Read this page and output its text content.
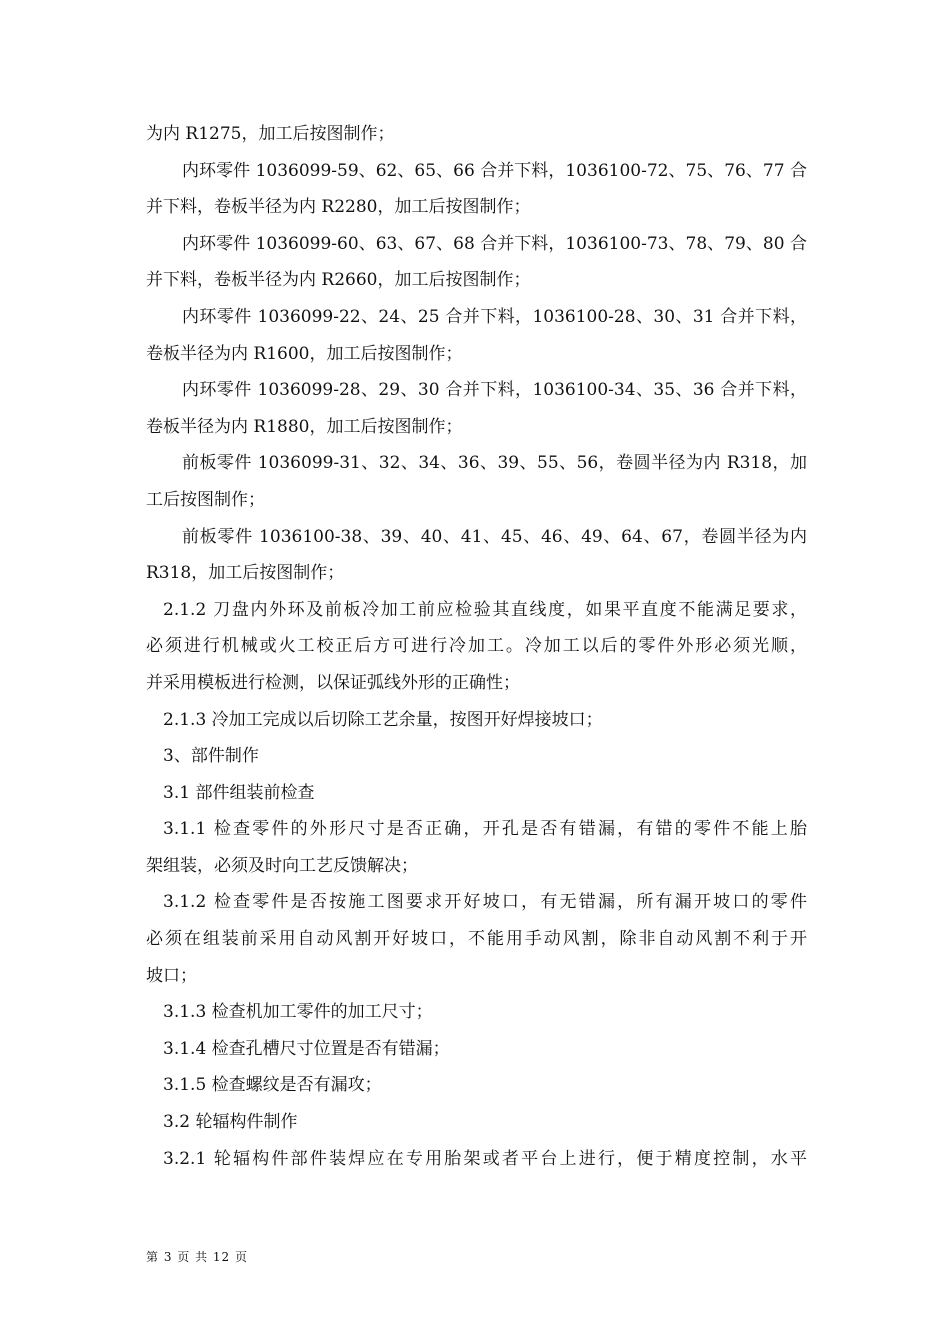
为内 R1275，加工后按图制作；
内环零件 1036099-59、62、65、66 合并下料，1036100-72、75、76、77 合
并下料，卷板半径为内 R2280，加工后按图制作；
内环零件 1036099-60、63、67、68 合并下料，1036100-73、78、79、80 合
并下料，卷板半径为内 R2660，加工后按图制作；
内环零件 1036099-22、24、25 合并下料，1036100-28、30、31 合并下料，
卷板半径为内 R1600，加工后按图制作；
内环零件 1036099-28、29、30 合并下料，1036100-34、35、36 合并下料，
卷板半径为内 R1880，加工后按图制作；
前板零件 1036099-31、32、34、36、39、55、56，卷圆半径为内 R318，加
工后按图制作；
前板零件 1036100-38、39、40、41、45、46、49、64、67，卷圆半径为内
R318，加工后按图制作；
2.1.2 刀盘内外环及前板冷加工前应检验其直线度，如果平直度不能满足要求，
必须进行机械或火工校正后方可进行冷加工。冷加工以后的零件外形必须光顺，
并采用模板进行检测，以保证弧线外形的正确性；
2.1.3 冷加工完成以后切除工艺余量，按图开好焊接坡口；
3、部件制作
3.1 部件组装前检查
3.1.1 检查零件的外形尺寸是否正确，开孔是否有错漏，有错的零件不能上胎
架组装，必须及时向工艺反馈解决；
3.1.2 检查零件是否按施工图要求开好坡口，有无错漏，所有漏开坡口的零件
必须在组装前采用自动风割开好坡口，不能用手动风割，除非自动风割不利于开
坡口；
3.1.3 检查机加工零件的加工尺寸；
3.1.4 检查孔槽尺寸位置是否有错漏；
3.1.5 检查螺纹是否有漏攻；
3.2 轮辐构件制作
3.2.1 轮辐构件部件装焊应在专用胎架或者平台上进行，便于精度控制，水平
第 3 页 共 12 页
